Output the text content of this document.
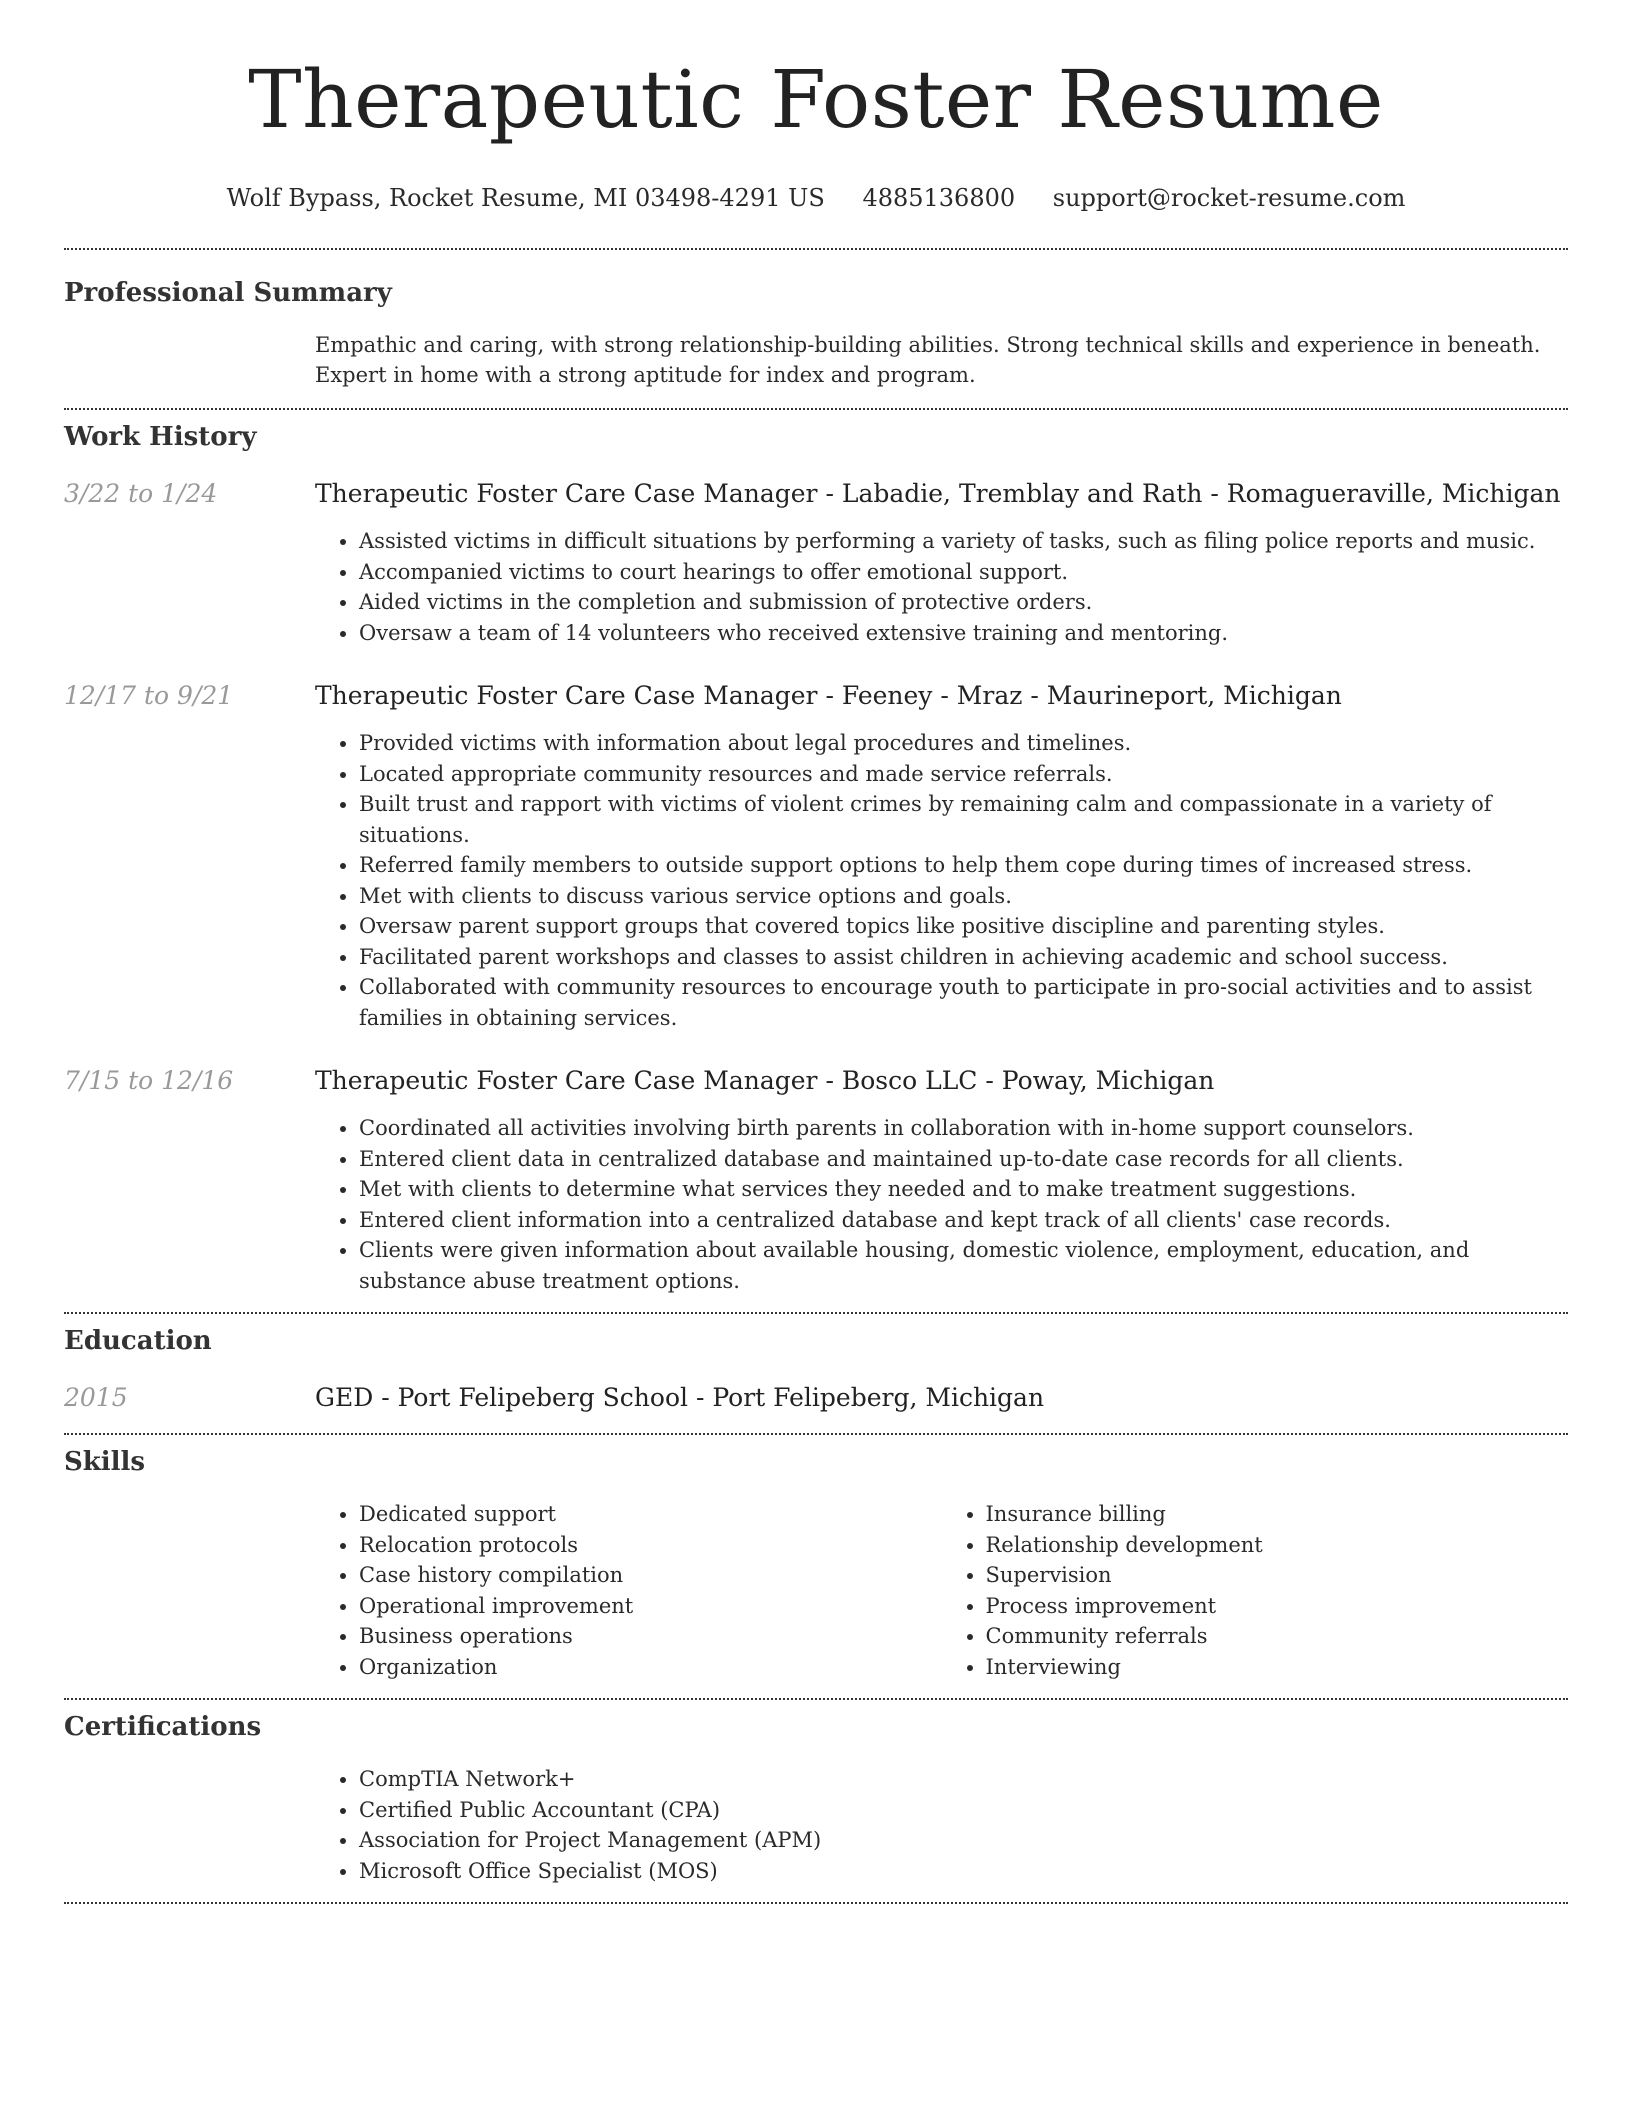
Therapeutic Foster Resume
Wolf Bypass, Rocket Resume, MI 03498-4291 US 4885136800 support@rocket-resume.com
Professional Summary
Empathic and caring, with strong relationship-building abilities. Strong technical skills and experience in beneath. Expert in home with a strong aptitude for index and program.
Work History
3/22 to 1/24	Therapeutic Foster Care Case Manager - Labadie, Tremblay and Rath - Romagueraville, Michigan
• Assisted victims in difficult situations by performing a variety of tasks, such as filing police reports and music.
• Accompanied victims to court hearings to offer emotional support.
• Aided victims in the completion and submission of protective orders.
• Oversaw a team of 14 volunteers who received extensive training and mentoring.
12/17 to 9/21	Therapeutic Foster Care Case Manager - Feeney - Mraz - Maurineport, Michigan
• Provided victims with information about legal procedures and timelines.
• Located appropriate community resources and made service referrals.
• Built trust and rapport with victims of violent crimes by remaining calm and compassionate in a variety of situations.
• Referred family members to outside support options to help them cope during times of increased stress.
• Met with clients to discuss various service options and goals.
• Oversaw parent support groups that covered topics like positive discipline and parenting styles.
• Facilitated parent workshops and classes to assist children in achieving academic and school success.
• Collaborated with community resources to encourage youth to participate in pro-social activities and to assist families in obtaining services.
7/15 to 12/16	Therapeutic Foster Care Case Manager - Bosco LLC - Poway, Michigan
• Coordinated all activities involving birth parents in collaboration with in-home support counselors.
• Entered client data in centralized database and maintained up-to-date case records for all clients.
• Met with clients to determine what services they needed and to make treatment suggestions.
• Entered client information into a centralized database and kept track of all clients' case records.
• Clients were given information about available housing, domestic violence, employment, education, and substance abuse treatment options.
Education
2015	GED - Port Felipeberg School - Port Felipeberg, Michigan
Skills
• Dedicated support
• Relocation protocols
• Case history compilation
• Operational improvement
• Business operations
• Organization
• Insurance billing
• Relationship development
• Supervision
• Process improvement
• Community referrals
• Interviewing
Certifications
• CompTIA Network+
• Certified Public Accountant (CPA)
• Association for Project Management (APM)
• Microsoft Office Specialist (MOS)
